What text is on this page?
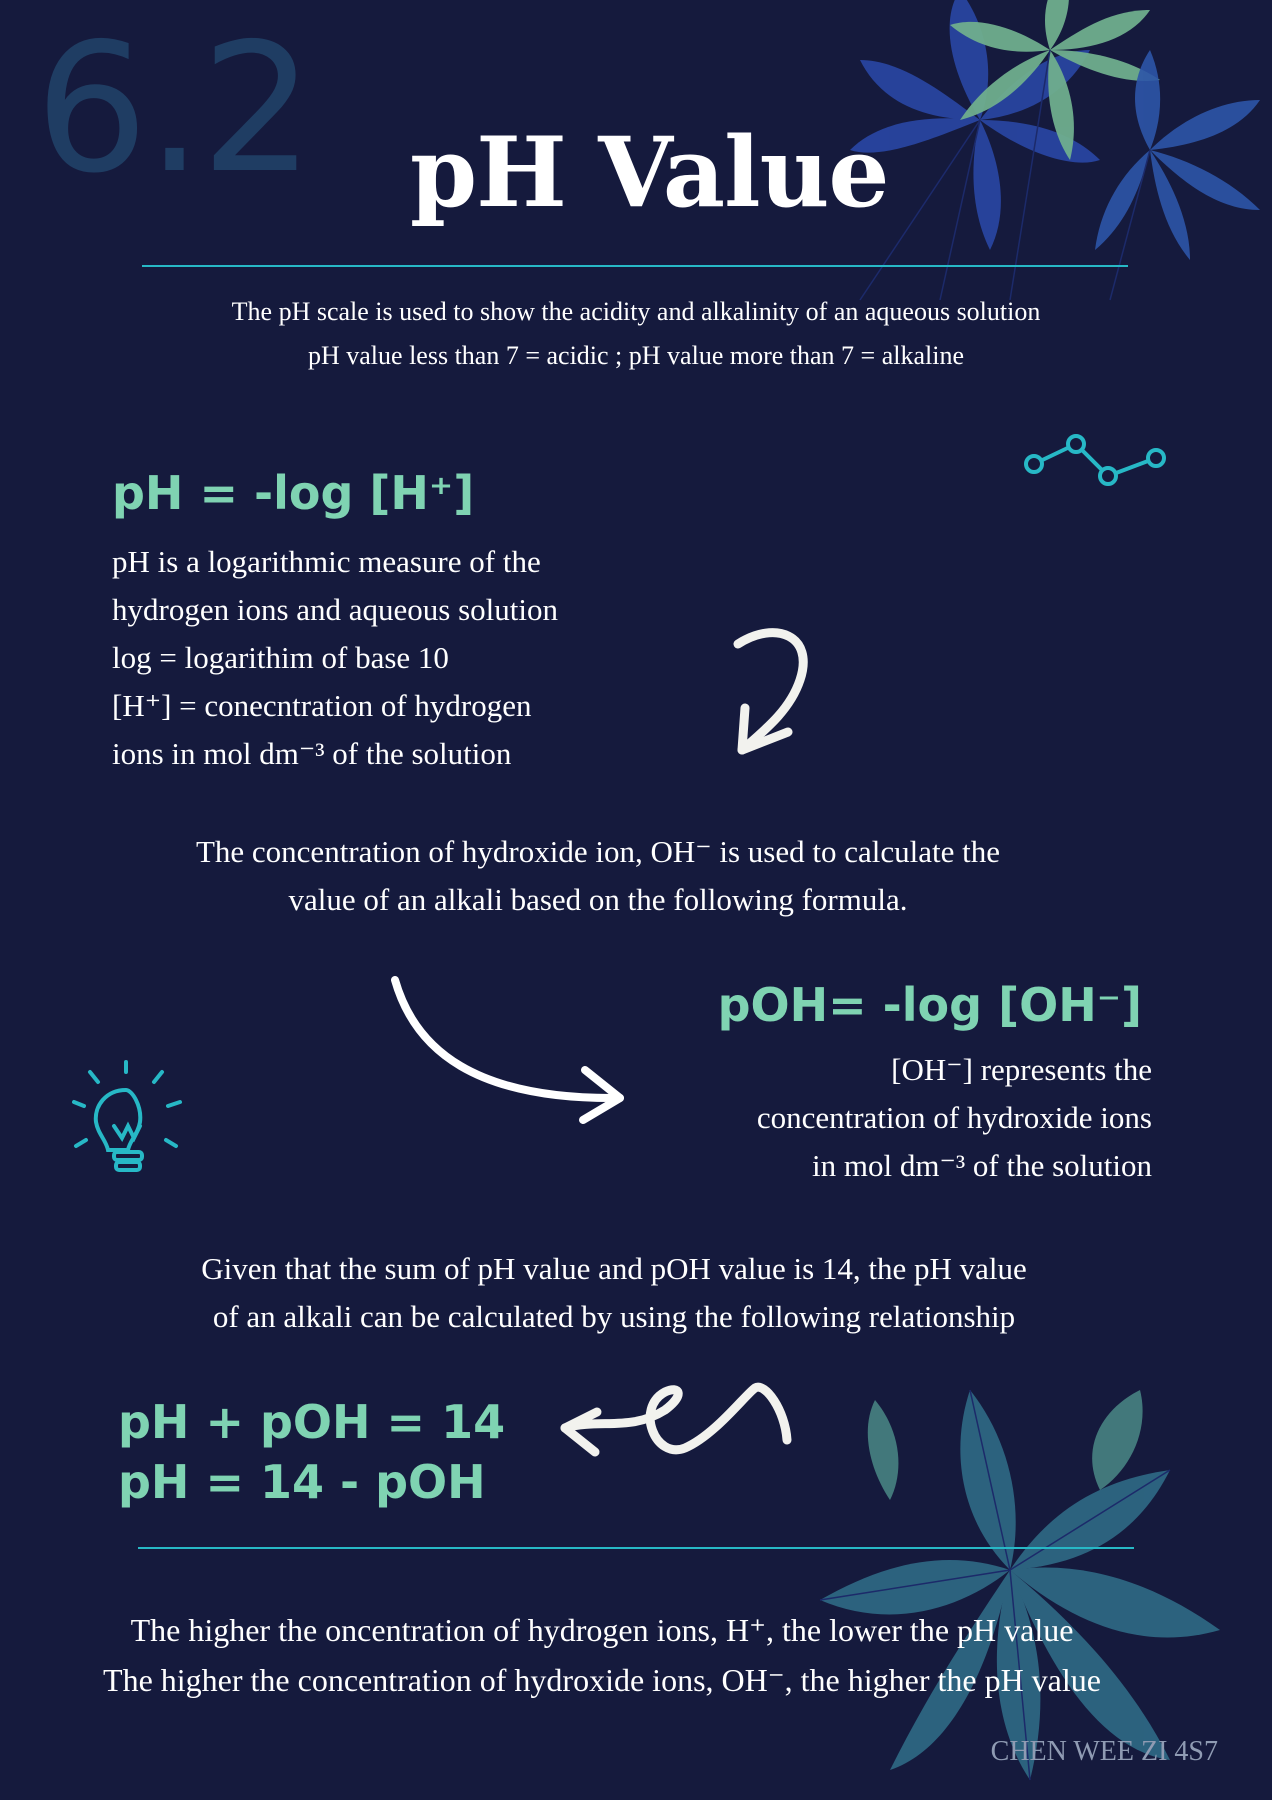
6.2 pH Value
The pH scale is used to show the acidity and alkalinity of an aqueous solution
pH value less than 7 = acidic ; pH value more than 7 = alkaline
pH = -log [H⁺]
pH is a logarithmic measure of the
hydrogen ions and aqueous solution
log = logarithim of base 10
[H⁺] = conecntration of hydrogen
ions in mol dm⁻³ of the solution
The concentration of hydroxide ion, OH⁻ is used to calculate the
value of an alkali based on the following formula.
pOH= -log [OH⁻]
[OH⁻] represents the
concentration of hydroxide ions
in mol dm⁻³ of the solution
Given that the sum of pH value and pOH value is 14, the pH value
of an alkali can be calculated by using the following relationship
pH + pOH = 14
pH = 14 - pOH
The higher the oncentration of hydrogen ions, H⁺, the lower the pH value
The higher the concentration of hydroxide ions, OH⁻, the higher the pH value
CHEN WEE ZI 4S7
